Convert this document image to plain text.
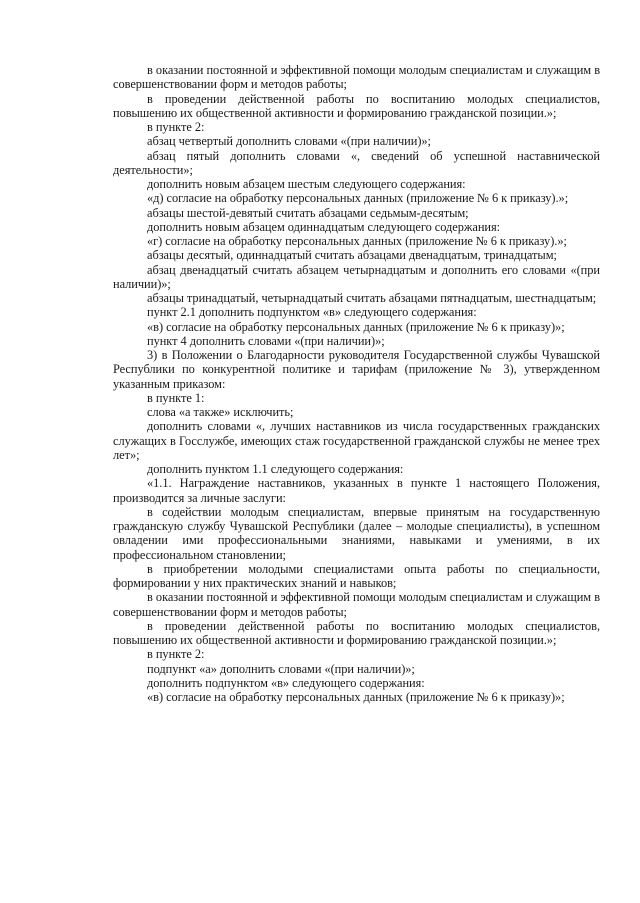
в оказании постоянной и эффективной помощи молодым специалистам и служащим в совершенствовании форм и методов работы;

в проведении действенной работы по воспитанию молодых специалистов, повышению их общественной активности и формированию гражданской позиции.»;

в пункте 2:

абзац четвертый дополнить словами «(при наличии)»;

абзац пятый дополнить словами «, сведений об успешной наставнической деятельности»;

дополнить новым абзацем шестым следующего содержания:

«д) согласие на обработку персональных данных (приложение № 6 к приказу).»;

абзацы шестой-девятый считать абзацами седьмым-десятым;

дополнить новым абзацем одиннадцатым следующего содержания:

«г) согласие на обработку персональных данных (приложение № 6 к приказу).»;

абзацы десятый, одиннадцатый считать абзацами двенадцатым, тринадцатым;

абзац двенадцатый считать абзацем четырнадцатым и дополнить его словами «(при наличии)»;

абзацы тринадцатый, четырнадцатый считать абзацами пятнадцатым, шестнадцатым;

пункт 2.1 дополнить подпунктом «в» следующего содержания:

«в) согласие на обработку персональных данных (приложение № 6 к приказу)»;

пункт 4 дополнить словами «(при наличии)»;

3) в Положении о Благодарности руководителя Государственной службы Чувашской Республики по конкурентной политике и тарифам (приложение № 3), утвержденном указанным приказом:

в пункте 1:

слова «а также» исключить;

дополнить словами «, лучших наставников из числа государственных гражданских служащих в Госслужбе, имеющих стаж государственной гражданской службы не менее трех лет»;

дополнить пунктом 1.1 следующего содержания:

«1.1. Награждение наставников, указанных в пункте 1 настоящего Положения, производится за личные заслуги:

в содействии молодым специалистам, впервые принятым на государственную гражданскую службу Чувашской Республики (далее – молодые специалисты), в успешном овладении ими профессиональными знаниями, навыками и умениями, в их профессиональном становлении;

в приобретении молодыми специалистами опыта работы по специальности, формировании у них практических знаний и навыков;

в оказании постоянной и эффективной помощи молодым специалистам и служащим в совершенствовании форм и методов работы;

в проведении действенной работы по воспитанию молодых специалистов, повышению их общественной активности и формированию гражданской позиции.»;

в пункте 2:

подпункт «а» дополнить словами «(при наличии)»;

дополнить подпунктом «в» следующего содержания:

«в) согласие на обработку персональных данных (приложение № 6 к приказу)»;
